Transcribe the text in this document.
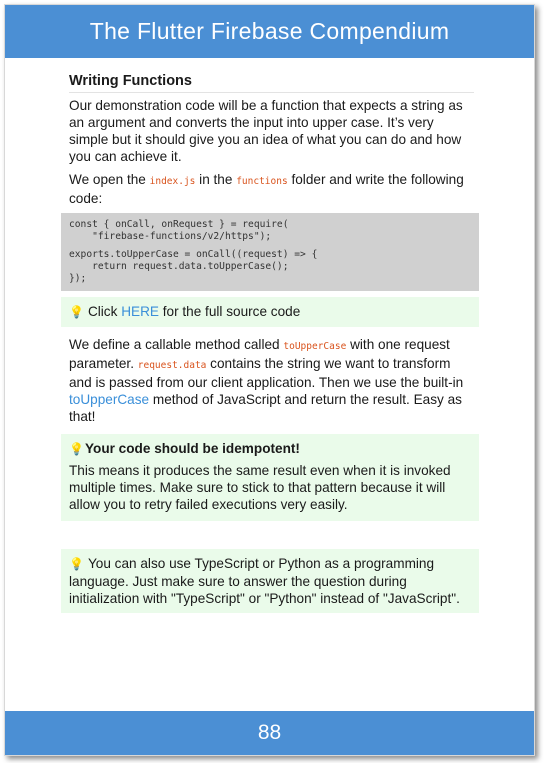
The Flutter Firebase Compendium
Writing Functions

Our demonstration code will be a function that expects a string as an argument and converts the input into upper case. It’s very simple but it should give you an idea of what you can do and how you can achieve it.

We open the index.js in the functions folder and write the following code:

const { onCall, onRequest } = require(
"firebase-functions/v2/https");
exports.toUpperCase = onCall((request) => {
return request.data.toUpperCase();
});

💡 Click HERE for the full source code

We define a callable method called toUpperCase with one request parameter. request.data contains the string we want to transform and is passed from our client application. Then we use the built-in toUpperCase method of JavaScript and return the result. Easy as that!

💡Your code should be idempotent!

This means it produces the same result even when it is invoked multiple times. Make sure to stick to that pattern because it will allow you to retry failed executions very easily.

💡 You can also use TypeScript or Python as a programming language. Just make sure to answer the question during initialization with "TypeScript" or "Python" instead of "JavaScript".

88
